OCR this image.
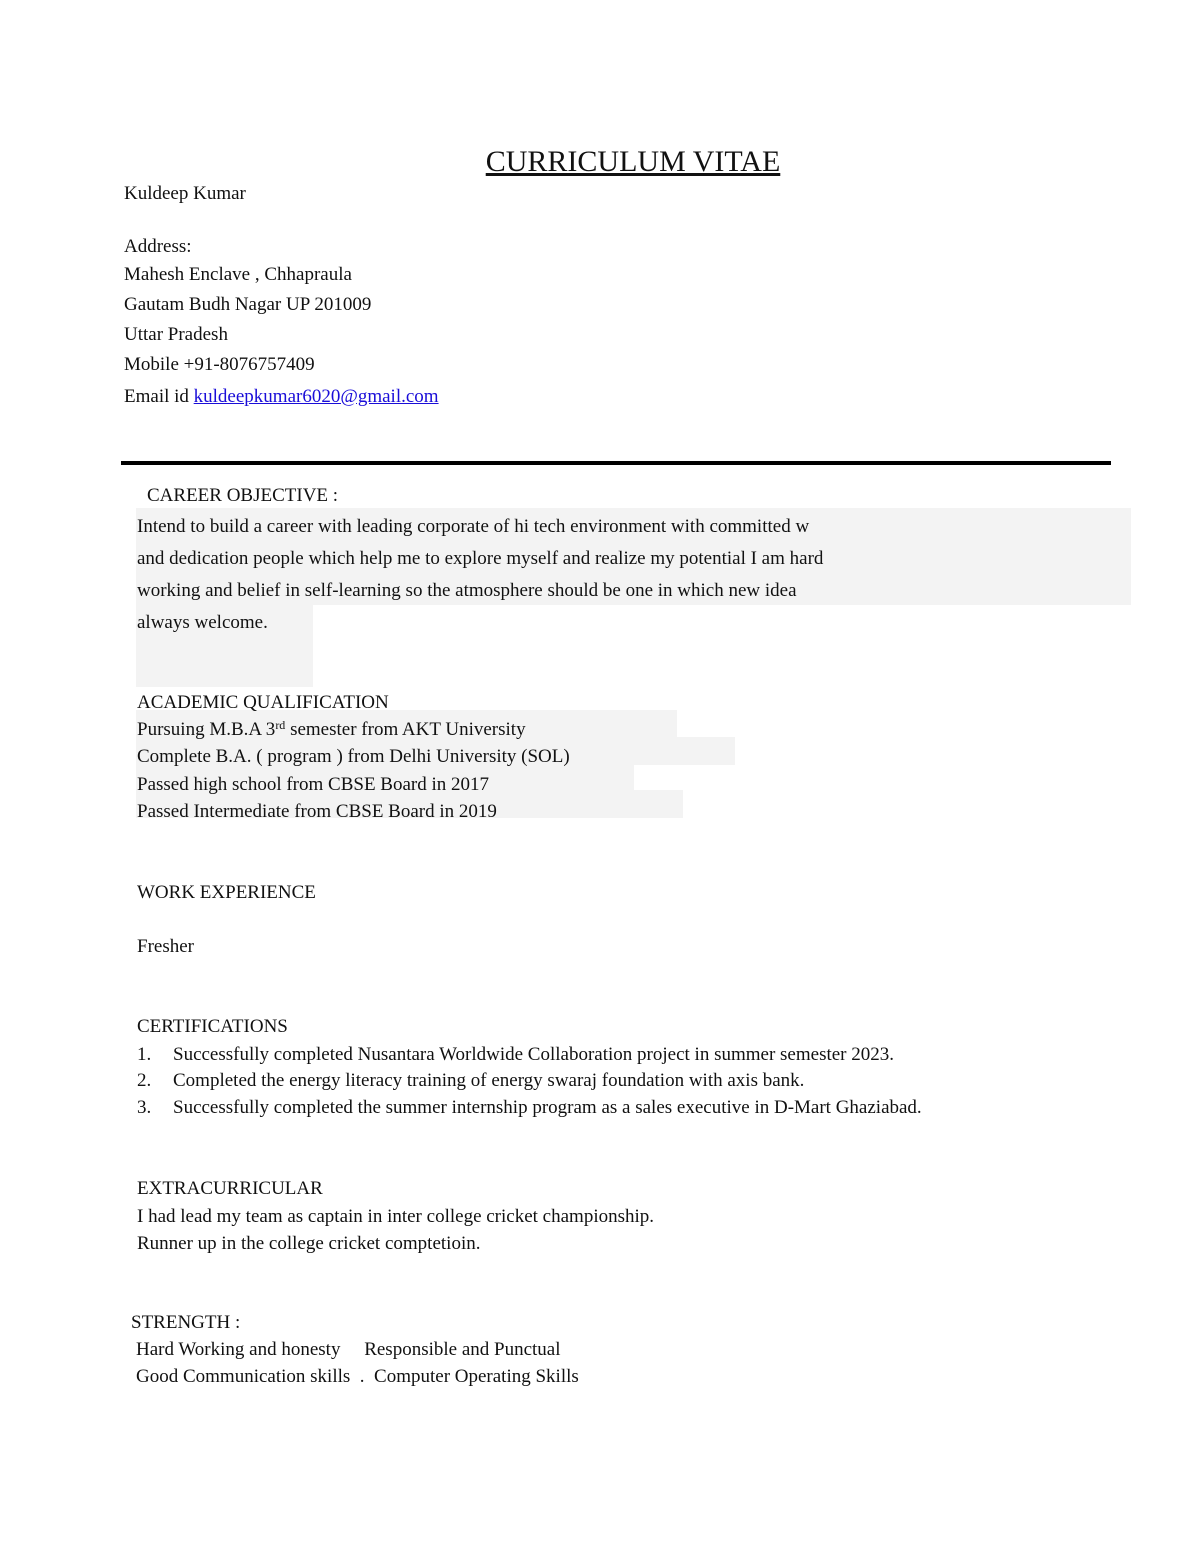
CURRICULUM VITAE
Kuldeep Kumar
Address:
Mahesh Enclave , Chhapraula
Gautam Budh Nagar UP 201009
Uttar Pradesh
Mobile +91-8076757409
Email id kuldeepkumar6020@gmail.com
CAREER OBJECTIVE :
Intend to build a career with leading corporate of hi tech environment with committed w
and dedication people which help me to explore myself and realize my potential I am hard
working and belief in self-learning so the atmosphere should be one in which new idea
always welcome.
ACADEMIC QUALIFICATION
Pursuing M.B.A 3rd semester from AKT University
Complete B.A. ( program ) from Delhi University (SOL)
Passed high school from CBSE Board in 2017
Passed Intermediate from CBSE Board in 2019
WORK EXPERIENCE
Fresher
CERTIFICATIONS
1. Successfully completed Nusantara Worldwide Collaboration project in summer semester 2023.
2. Completed the energy literacy training of energy swaraj foundation with axis bank.
3. Successfully completed the summer internship program as a sales executive in D-Mart Ghaziabad.
EXTRACURRICULAR
I had lead my team as captain in inter college cricket championship.
Runner up in the college cricket comptetioin.
STRENGTH :
Hard Working and honesty     Responsible and Punctual
Good Communication skills  .  Computer Operating Skills
